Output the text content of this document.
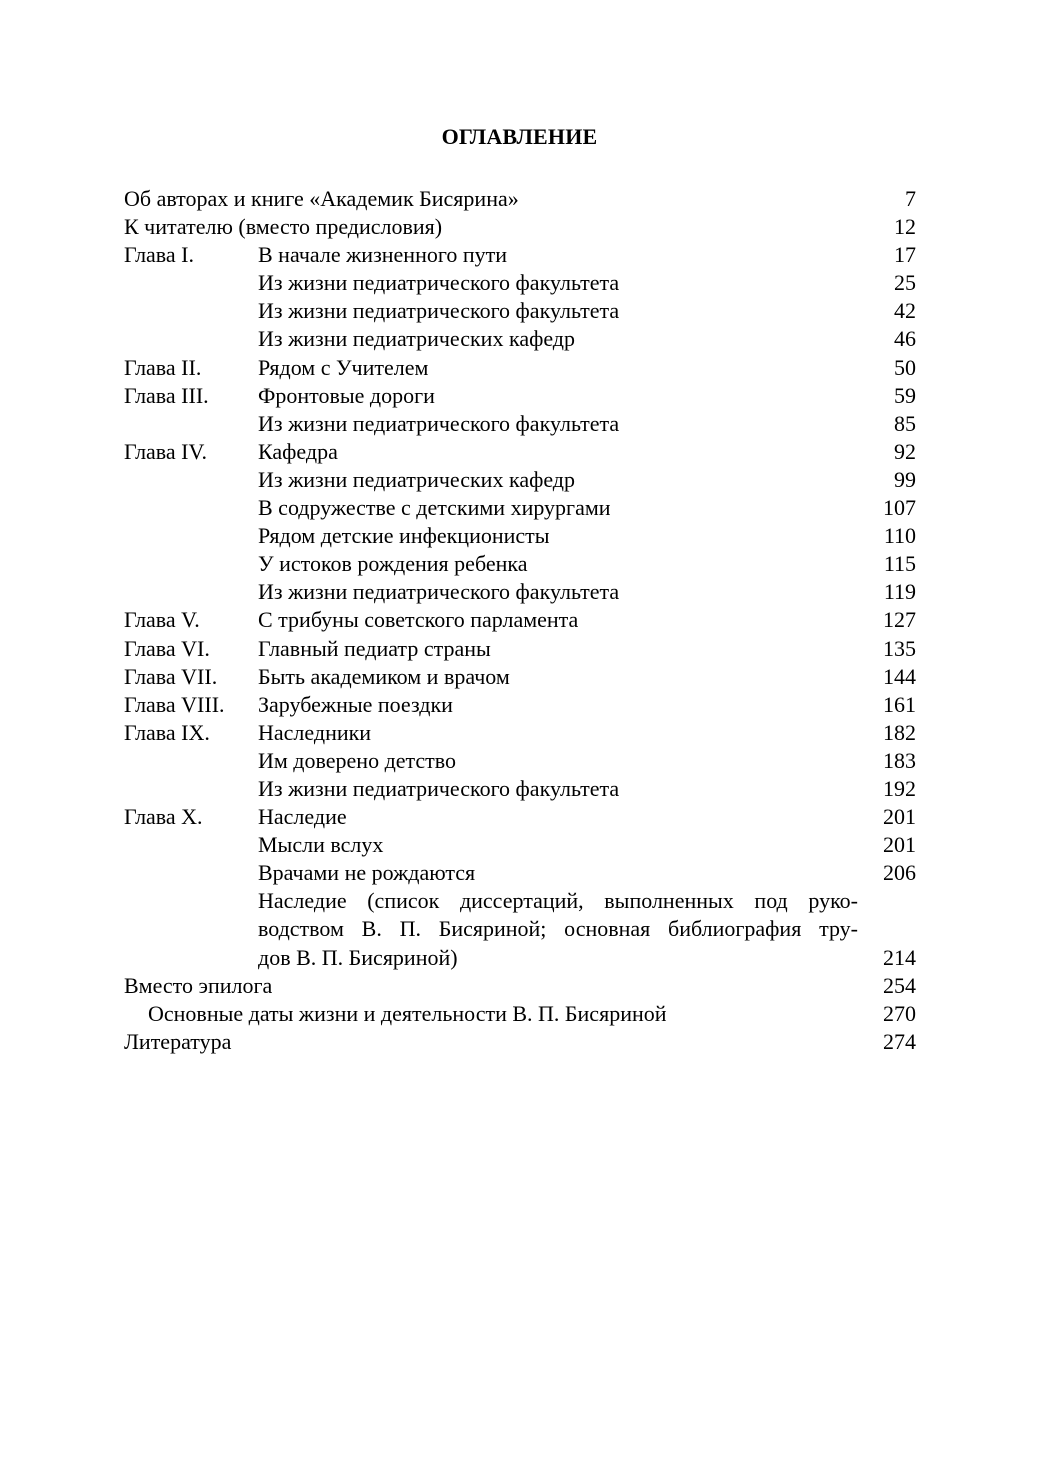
ОГЛАВЛЕНИЕ
Об авторах и книге «Академик Бисярина»	7
К читателю (вместо предисловия)	12
Глава I.	В начале жизненного пути	17
Из жизни педиатрического факультета	25
Из жизни педиатрического факультета	42
Из жизни педиатрических кафедр	46
Глава II.	Рядом с Учителем	50
Глава III. Фронтовые дороги	59
Из жизни педиатрического факультета	85
Глава IV. Кафедра	92
Из жизни педиатрических кафедр	99
В содружестве с детскими хирургами	107
Рядом детские инфекционисты	110
У истоков рождения ребенка	115
Из жизни педиатрического факультета	119
Глава V.	С трибуны советского парламента	127
Глава VI. Главный педиатр страны	135
Глава VII. Быть академиком и врачом	144
Глава VIII. Зарубежные поездки	161
Глава IX. Наследники	182
Им доверено детство	183
Из жизни педиатрического факультета	192
Глава X.	Наследие	201
Мысли вслух	201
Врачами не рождаются	206
Наследие (список диссертаций, выполненных под руко-
водством В. П. Бисяриной; основная библиография тру-
дов В. П. Бисяриной)	214
Вместо эпилога	254
Основные даты жизни и деятельности В. П. Бисяриной	270
Литература	274
